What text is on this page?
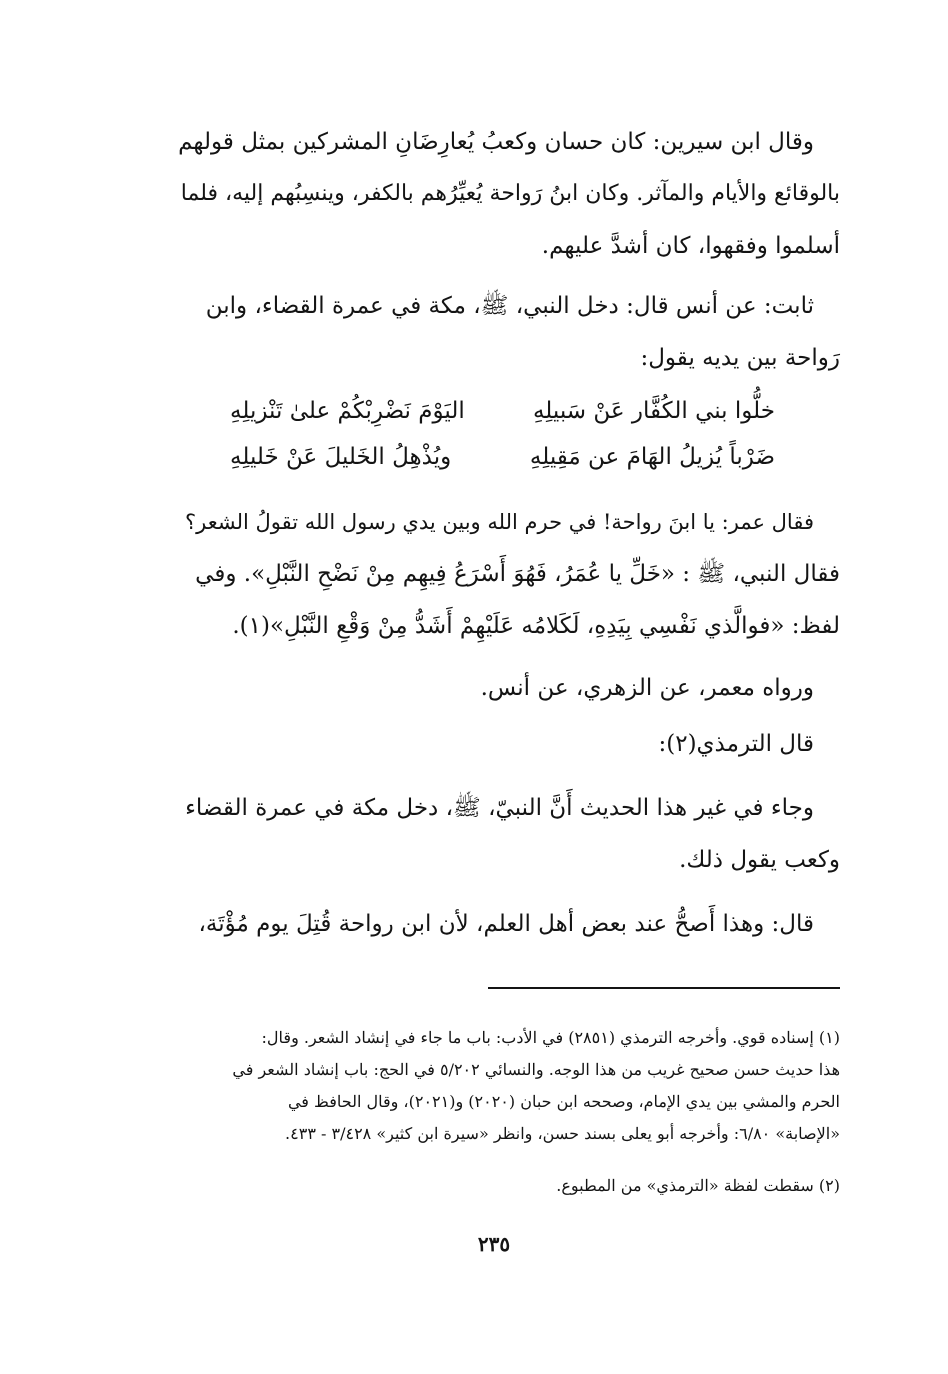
وقال ابن سيرين: كان حسان وكعبُ يُعارِضَانِ المشركين بمثل قولهم
بالوقائع والأيام والمآثر. وكان ابنُ رَواحة يُعيِّرُهم بالكفر، وينسِبُهم إليه، فلما
أسلموا وفقهوا، كان أشدَّ عليهم.
ثابت: عن أنس قال: دخل النبي، ﷺ، مكة في عمرة القضاء، وابن
رَواحة بين يديه يقول:
خلُّوا بني الكُفَّار عَنْ سَبيلِهِ
اليَوْمَ نَضْرِبْكُمْ علىٰ تَنْزيلِهِ
ضَرْباً يُزيلُ الهَامَ عن مَقِيلِهِ
ويُذْهِلُ الخَليلَ عَنْ خَليلِهِ
فقال عمر: يا ابنَ رواحة! في حرم الله وبين يدي رسول الله تقولُ الشعر؟
فقال النبي، ﷺ : «خَلِّ يا عُمَرُ، فَهُوَ أَسْرَعُ فِيهِم مِنْ نَضْحِ النَّبْلِ». وفي
لفظ: «فوالَّذي نَفْسِي بِيَدِهِ، لَكَلامُه عَلَيْهِمْ أَشَدُّ مِنْ وَقْعِ النَّبْلِ»(١).
ورواه معمر، عن الزهري، عن أنس.
قال الترمذي(٢):
وجاء في غير هذا الحديث أَنَّ النبيّ، ﷺ، دخل مكة في عمرة القضاء
وكعب يقول ذلك.
قال: وهذا أَصحُّ عند بعض أهل العلم، لأن ابن رواحة قُتِلَ يوم مُؤْتَة،
(١) إسناده قوي. وأخرجه الترمذي (٢٨٥١) في الأدب: باب ما جاء في إنشاد الشعر. وقال:
هذا حديث حسن صحيح غريب من هذا الوجه. والنسائي ٥/٢٠٢ في الحج: باب إنشاد الشعر في
الحرم والمشي بين يدي الإمام، وصححه ابن حبان (٢٠٢٠) و(٢٠٢١)، وقال الحافظ في
«الإصابة» ٦/٨٠: وأخرجه أبو يعلى بسند حسن، وانظر «سيرة ابن كثير» ٣/٤٢٨ - ٤٣٣.
(٢) سقطت لفظة «الترمذي» من المطبوع.
٢٣٥
